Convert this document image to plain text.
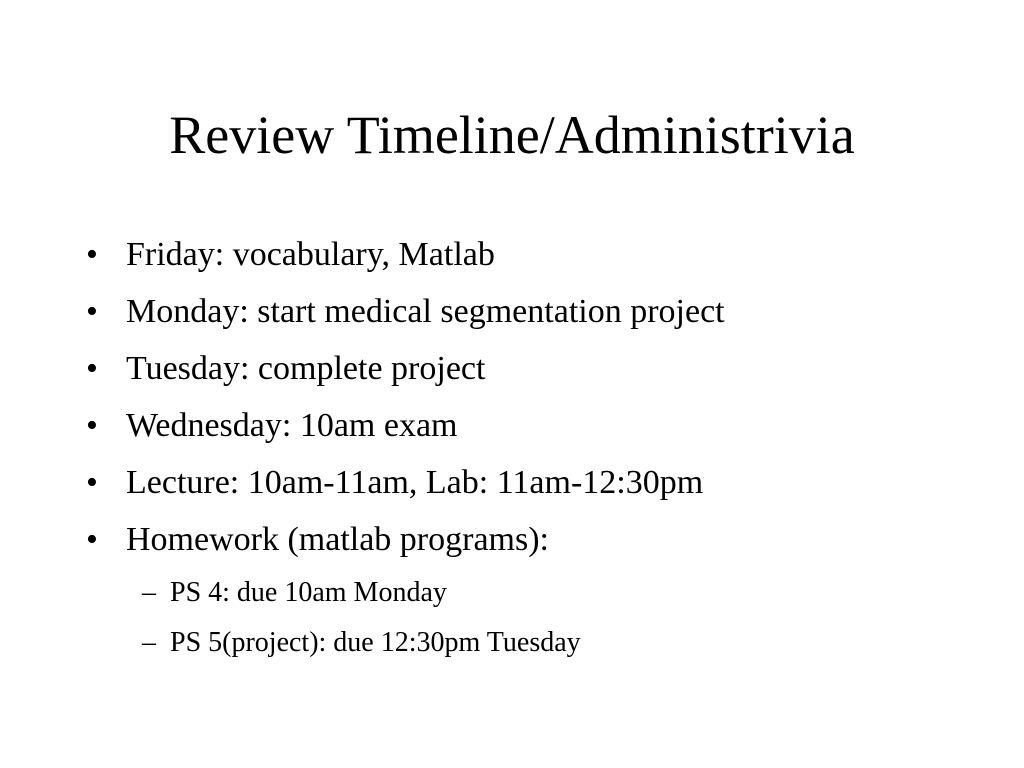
Review Timeline/Administrivia
• Friday: vocabulary, Matlab
• Monday: start medical segmentation project
• Tuesday: complete project
• Wednesday: 10am exam
• Lecture: 10am-11am, Lab: 11am-12:30pm
• Homework (matlab programs):
– PS 4: due 10am Monday
– PS 5(project): due 12:30pm Tuesday
